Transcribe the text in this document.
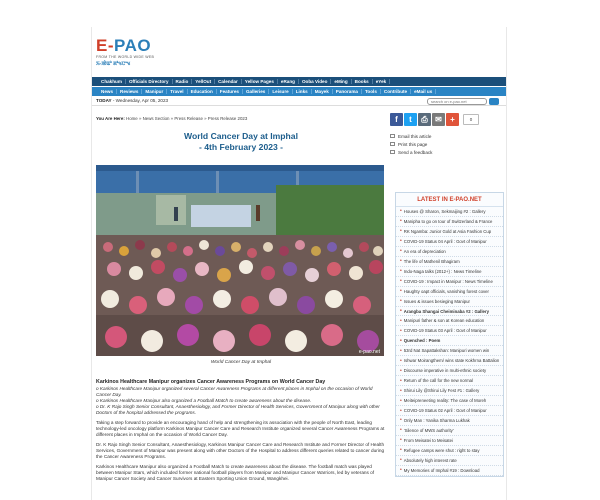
E-PAO
FROM THE WORLD WIDE WEB
ꯏ-ꯄꯥꯑꯣ ꯗꯣꯠꯅꯦꯠ
Chakhum	Officials Directory	Radio	YellOut	Calendar	Yellow Pages	eRang	Ooba Video	eMing	Books	eYek
News	Reviews	Manipur	Travel	Education	Features	Galleries	Leisure	Links	Mayek	Panorama	Tools	Contribute	eMail us
TODAY - Wednesday, Apr 05, 2023	search on e-pao.net
You Are Here: Home » News Section » Press Release » Press Release 2023
World Cancer Day at Imphal
- 4th February 2023 -
e-pao.net
World Cancer Day at Imphal

Karkinos Healthcare Manipur organizes Cancer Awareness Programs on World Cancer Day
o Karkinos Healthcare Manipur organized several Cancer Awareness Programs at different places in Imphal on the occasion of World Cancer Day.
o Karkinos Healthcare Manipur also organized a Football Match to create awareness about the disease.
o Dr. K Rajo Singh Senior Consultant, Anaesthesiology, and Former Director of Health Services, Government of Manipur along with other Doctors of the hospital addressed the programs.

Taking a step forward to provide an encouraging hand of help and strengthening its association with the people of North East, leading technology-led oncology platform Karkinos Manipur Cancer Care and Research Institute organized several Cancer Awareness Programs at different places in Imphal on the occasion of World Cancer Day.

Dr. K Rajo Singh Senior Consultant, Anaesthesiology, Karkinos Manipur Cancer Care and Research Institute and Former Director of Health Services, Government of Manipur was present along with other Doctors of the Hospital to address different queries related to cancer during the Cancer Awareness Programs.

Karkinos Healthcare Manipur also organized a Football Match to create awareness about the disease. The football match was played between Manipur Stars, which included former national football players from Manipur and Manipur Cancer Warriors, led by veterans of Manipur Cancer Society and Cancer Survivors at Eastern Sporting Union Ground, Wangkhei.

f	t	⎙ ✉	+	0
Email this article
Print this page
Send a feedback
LATEST IN E-PAO.NET
• Houses @ Sharon, Sekmaijing #2 : Gallery
• Manipha to go on tour of Switzerland & France
• RK Ngamba: Junior Gold at Asia Fashion Cup
• COVID-19 Status 04 April : Govt of Manipur
• An era of depreciation
• The life of Mathenil Bhagiram
• Indo-Naga talks (2012+) : News Timeline
• COVID-19 : Impact in Manipur : News Timeline
• Haughty oapt officials, vanishing forest cover
• Issues & issues besieging Manipur
• Arangba Shangai Cheiminaba #2 : Gallery
• Manipuri father & son at Korean education
• COVID-19 Status 03 April : Govt of Manipur
• Quenched : Poem
• 53rd Nat Sapattakshan: Manipuri women win
• Ishwar Moirangthem/ wins state Kokhrna Battalion
• Discourse imperative in multi-ethnic society
• Return of the call for the new normal
• Shirui Lily @Shirui Lily Fest #1 : Gallery
• Meiteipreneeting reality: The case of Moreh
• COVID-19 Status 02 April : Govt of Manipur
• Only Man : Yanika Sharma Lukhak
• 'Silence of MWS authority'
• From Meisatei to Meisatei
• Refugee camps were shut : right to stay
• Absolutely high interest rate
• My Memories of Imphal #19 : Download
